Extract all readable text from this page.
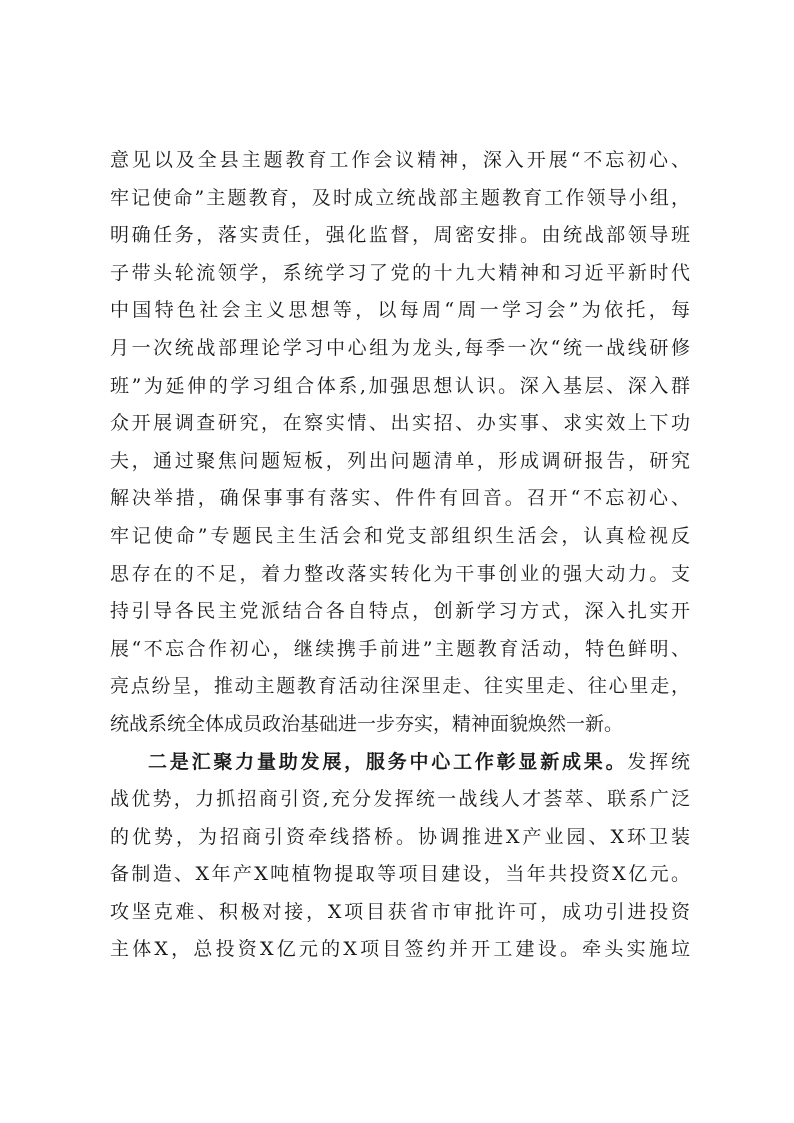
意见以及全县主题教育工作会议精神，深入开展“不忘初心、
牢记使命”主题教育，及时成立统战部主题教育工作领导小组，
明确任务，落实责任，强化监督，周密安排。由统战部领导班
子带头轮流领学，系统学习了党的十九大精神和习近平新时代
中国特色社会主义思想等，以每周“周一学习会”为依托，每
月一次统战部理论学习中心组为龙头,每季一次“统一战线研修
班”为延伸的学习组合体系,加强思想认识。深入基层、深入群
众开展调查研究，在察实情、出实招、办实事、求实效上下功
夫，通过聚焦问题短板，列出问题清单，形成调研报告，研究
解决举措，确保事事有落实、件件有回音。召开“不忘初心、
牢记使命”专题民主生活会和党支部组织生活会，认真检视反
思存在的不足，着力整改落实转化为干事创业的强大动力。支
持引导各民主党派结合各自特点，创新学习方式，深入扎实开
展“不忘合作初心，继续携手前进”主题教育活动，特色鲜明、
亮点纷呈，推动主题教育活动往深里走、往实里走、往心里走，
统战系统全体成员政治基础进一步夯实，精神面貌焕然一新。
二是汇聚力量助发展，服务中心工作彰显新成果。发挥统
战优势，力抓招商引资,充分发挥统一战线人才荟萃、联系广泛
的优势，为招商引资牵线搭桥。协调推进X产业园、X环卫装
备制造、X年产X吨植物提取等项目建设，当年共投资X亿元。
攻坚克难、积极对接，X项目获省市审批许可，成功引进投资
主体X，总投资X亿元的X项目签约并开工建设。牵头实施垃
